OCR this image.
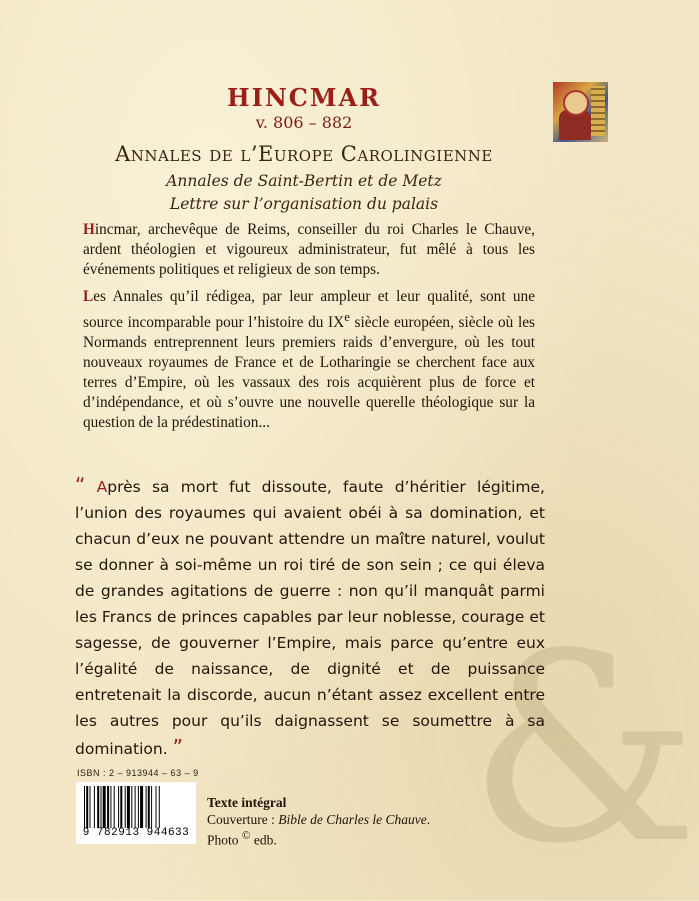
HINCMAR
v. 806 – 882
Annales de l’Europe Carolingienne
Annales de Saint-Bertin et de Metz
Lettre sur l’organisation du palais

Hincmar, archevêque de Reims, conseiller du roi Charles le Chauve, ardent théologien et vigoureux administrateur, fut mêlé à tous les événements politiques et religieux de son temps.

Les Annales qu’il rédigea, par leur ampleur et leur qualité, sont une source incomparable pour l’histoire du IXe siècle européen, siècle où les Normands entreprennent leurs premiers raids d’envergure, où les tout nouveaux royaumes de France et de Lotharingie se cherchent face aux terres d’Empire, où les vassaux des rois acquièrent plus de force et d’indépendance, et où s’ouvre une nouvelle querelle théologique sur la question de la prédestination...

&

“ Après sa mort fut dissoute, faute d’héritier légitime, l’union des royaumes qui avaient obéi à sa domination, et chacun d’eux ne pouvant attendre un maître naturel, voulut se donner à soi-même un roi tiré de son sein ; ce qui éleva de grandes agitations de guerre : non qu’il manquât parmi les Francs de princes capables par leur noblesse, courage et sagesse, de gouverner l’Empire, mais parce qu’entre eux l’égalité de naissance, de dignité et de puissance entretenait la discorde, aucun n’étant assez excellent entre les autres pour qu’ils daignassent se soumettre à sa domination. ”

ISBN : 2 – 913944 – 63 – 9
9 782913 944633
Texte intégral
Couverture : Bible de Charles le Chauve.
Photo © edb.
